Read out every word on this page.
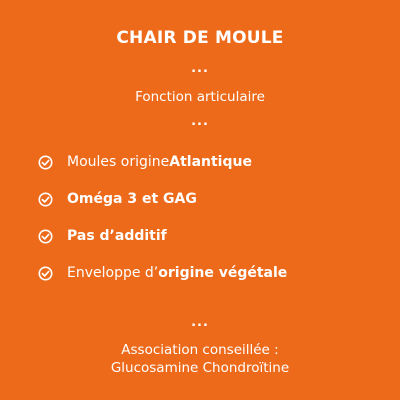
CHAIR DE MOULE
...
Fonction articulaire
...
Moules origine Atlantique
Oméga 3 et GAG
Pas d’additif
Enveloppe d’ origine végétale
...
Association conseillée :
Glucosamine Chondroïtine
